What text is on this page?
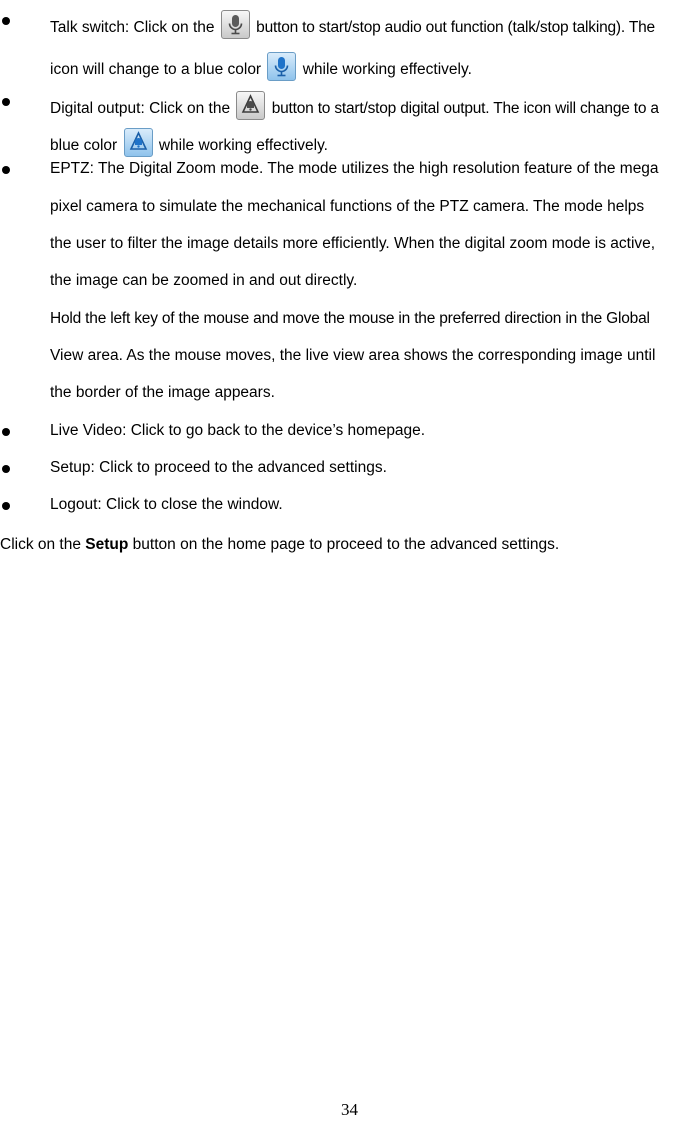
Talk switch: Click on the	button to start/stop audio out function (talk/stop talking). The
icon will change to a blue color	while working effectively.
Digital output: Click on the	button to start/stop digital output. The icon will change to a
blue color	while working effectively.
EPTZ: The Digital Zoom mode. The mode utilizes the high resolution feature of the mega
pixel camera to simulate the mechanical functions of the PTZ camera. The mode helps
the user to filter the image details more efficiently. When the digital zoom mode is active,
the image can be zoomed in and out directly.
Hold the left key of the mouse and move the mouse in the preferred direction in the Global
View area. As the mouse moves, the live view area shows the corresponding image until
the border of the image appears.
Live Video: Click to go back to the device’s homepage.
Setup: Click to proceed to the advanced settings.
Logout: Click to close the window.
Click on the Setup button on the home page to proceed to the advanced settings.
34
